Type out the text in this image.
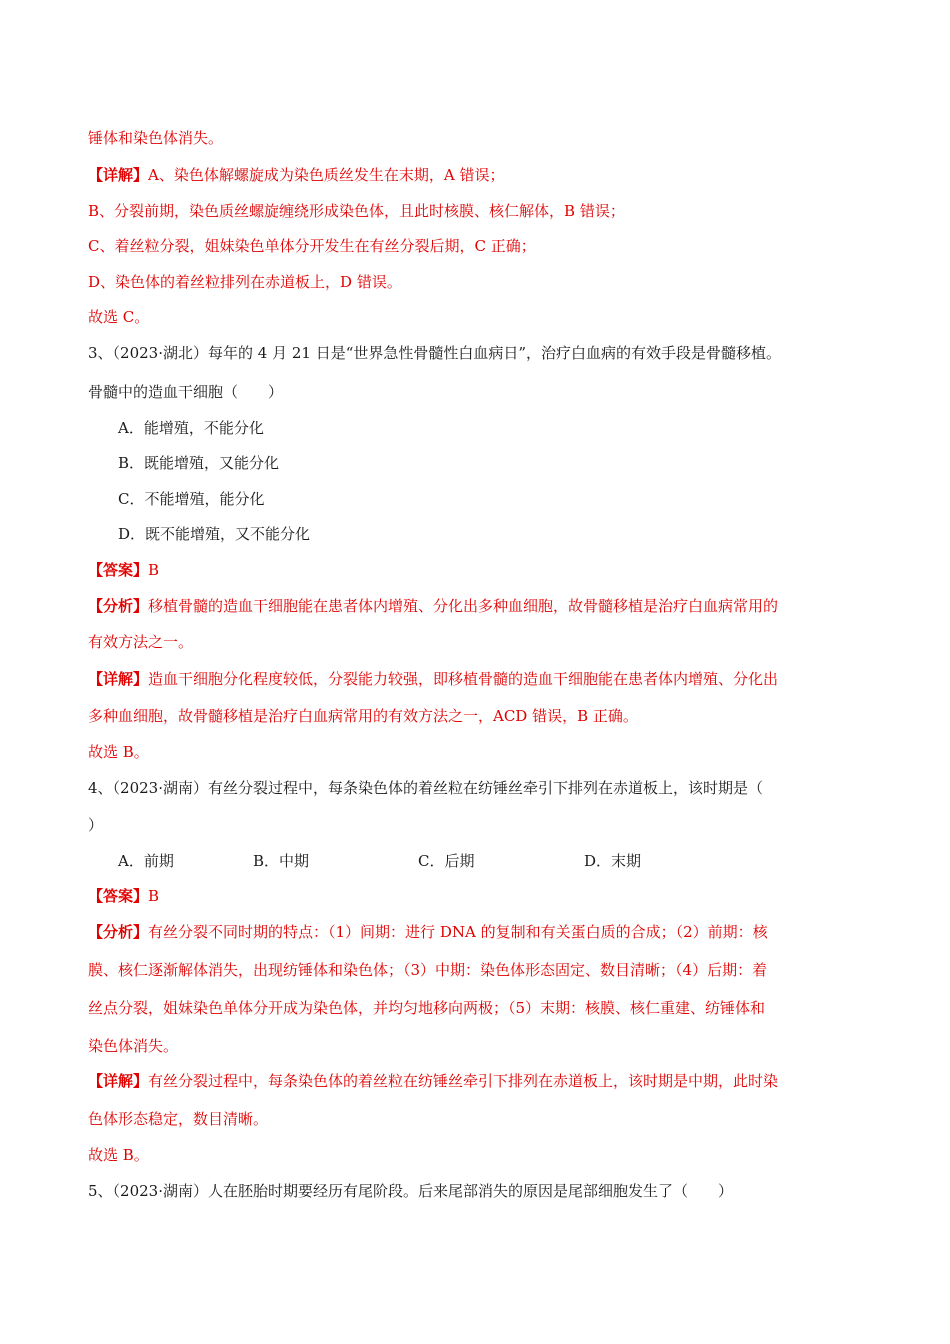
锤体和染色体消失。
【详解】A、染色体解螺旋成为染色质丝发生在末期，A 错误；
B、分裂前期，染色质丝螺旋缠绕形成染色体，且此时核膜、核仁解体，B 错误；
C、着丝粒分裂，姐妹染色单体分开发生在有丝分裂后期，C 正确；
D、染色体的着丝粒排列在赤道板上，D 错误。
故选 C。
3、（2023·湖北）每年的 4 月 21 日是“世界急性骨髓性白血病日”，治疗白血病的有效手段是骨髓移植。
骨髓中的造血干细胞（　　）
A．能增殖，不能分化
B．既能增殖，又能分化
C．不能增殖，能分化
D．既不能增殖，又不能分化
【答案】B
【分析】移植骨髓的造血干细胞能在患者体内增殖、分化出多种血细胞，故骨髓移植是治疗白血病常用的
有效方法之一。
【详解】造血干细胞分化程度较低，分裂能力较强，即移植骨髓的造血干细胞能在患者体内增殖、分化出
多种血细胞，故骨髓移植是治疗白血病常用的有效方法之一，ACD 错误，B 正确。
故选 B。
4、（2023·湖南）有丝分裂过程中，每条染色体的着丝粒在纺锤丝牵引下排列在赤道板上，该时期是（
）
A．前期	B．中期	C．后期	D．末期
【答案】B
【分析】有丝分裂不同时期的特点：（1）间期：进行 DNA 的复制和有关蛋白质的合成；（2）前期：核
膜、核仁逐渐解体消失，出现纺锤体和染色体；（3）中期：染色体形态固定、数目清晰；（4）后期：着
丝点分裂，姐妹染色单体分开成为染色体，并均匀地移向两极；（5）末期：核膜、核仁重建、纺锤体和
染色体消失。
【详解】有丝分裂过程中，每条染色体的着丝粒在纺锤丝牵引下排列在赤道板上，该时期是中期，此时染
色体形态稳定，数目清晰。
故选 B。
5、（2023·湖南）人在胚胎时期要经历有尾阶段。后来尾部消失的原因是尾部细胞发生了（　　）
